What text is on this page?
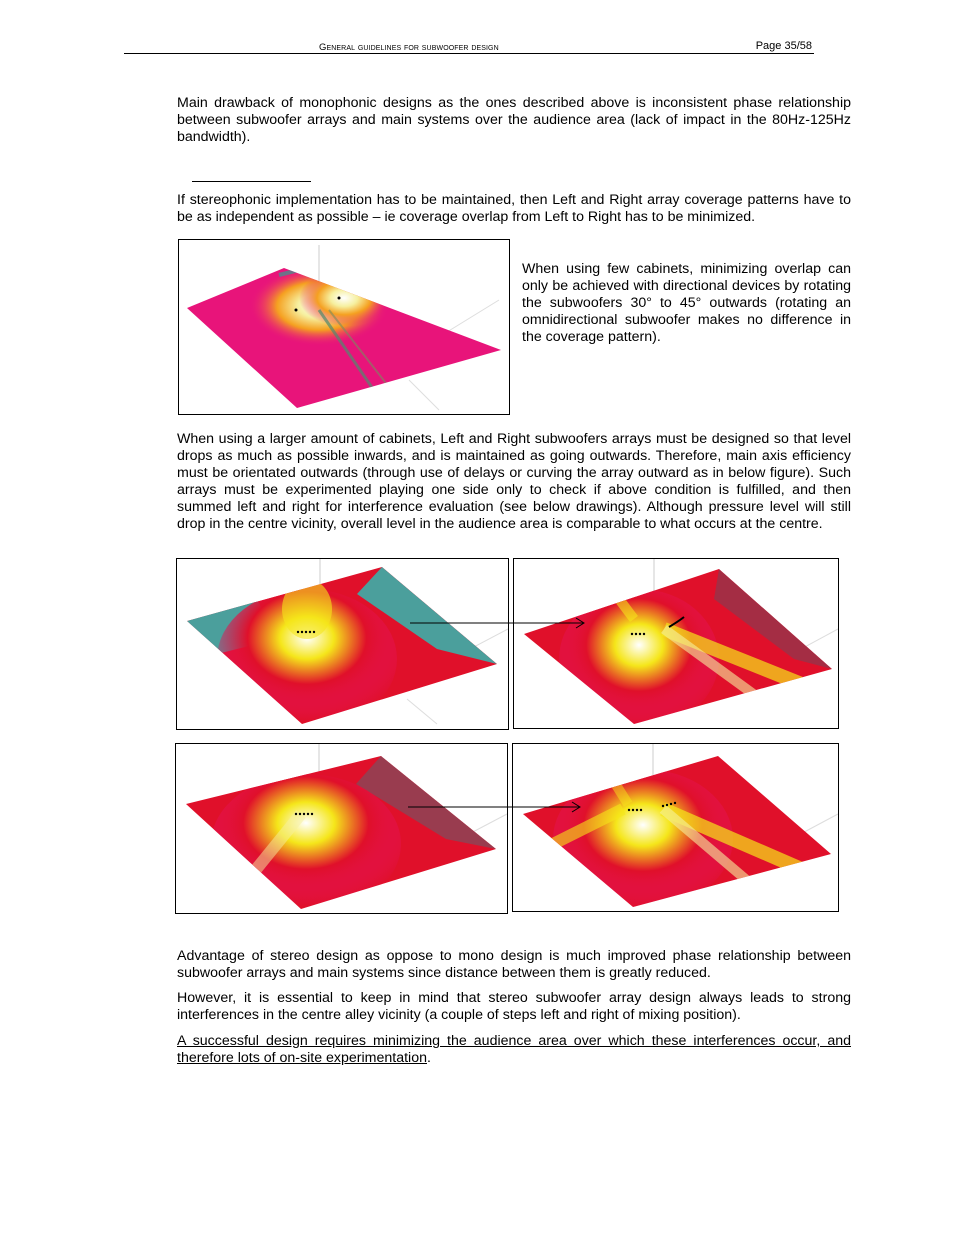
General guidelines for subwoofer design	Page 35/58

Main drawback of monophonic designs as the ones described above is inconsistent phase relationship between subwoofer arrays and main systems over the audience area (lack of impact in the 80Hz-125Hz bandwidth).

If stereophonic implementation has to be maintained, then Left and Right array coverage patterns have to be as independent as possible – ie coverage overlap from Left to Right has to be minimized.

When using few cabinets, minimizing overlap can only be achieved with directional devices by rotating the subwoofers 30° to 45° outwards (rotating an omnidirectional subwoofer makes no difference in the coverage pattern).

When using a larger amount of cabinets, Left and Right subwoofers arrays must be designed so that level drops as much as possible inwards, and is maintained as going outwards. Therefore, main axis efficiency must be orientated outwards (through use of delays or curving the array outward as in below figure). Such arrays must be experimented playing one side only to check if above condition is fulfilled, and then summed left and right for interference evaluation (see below drawings). Although pressure level will still drop in the centre vicinity, overall level in the audience area is comparable to what occurs at the centre.

Advantage of stereo design as oppose to mono design is much improved phase relationship between subwoofer arrays and main systems since distance between them is greatly reduced.

However, it is essential to keep in mind that stereo subwoofer array design always leads to strong interferences in the centre alley vicinity (a couple of steps left and right of mixing position).

A successful design requires minimizing the audience area over which these interferences occur, and therefore lots of on-site experimentation.
